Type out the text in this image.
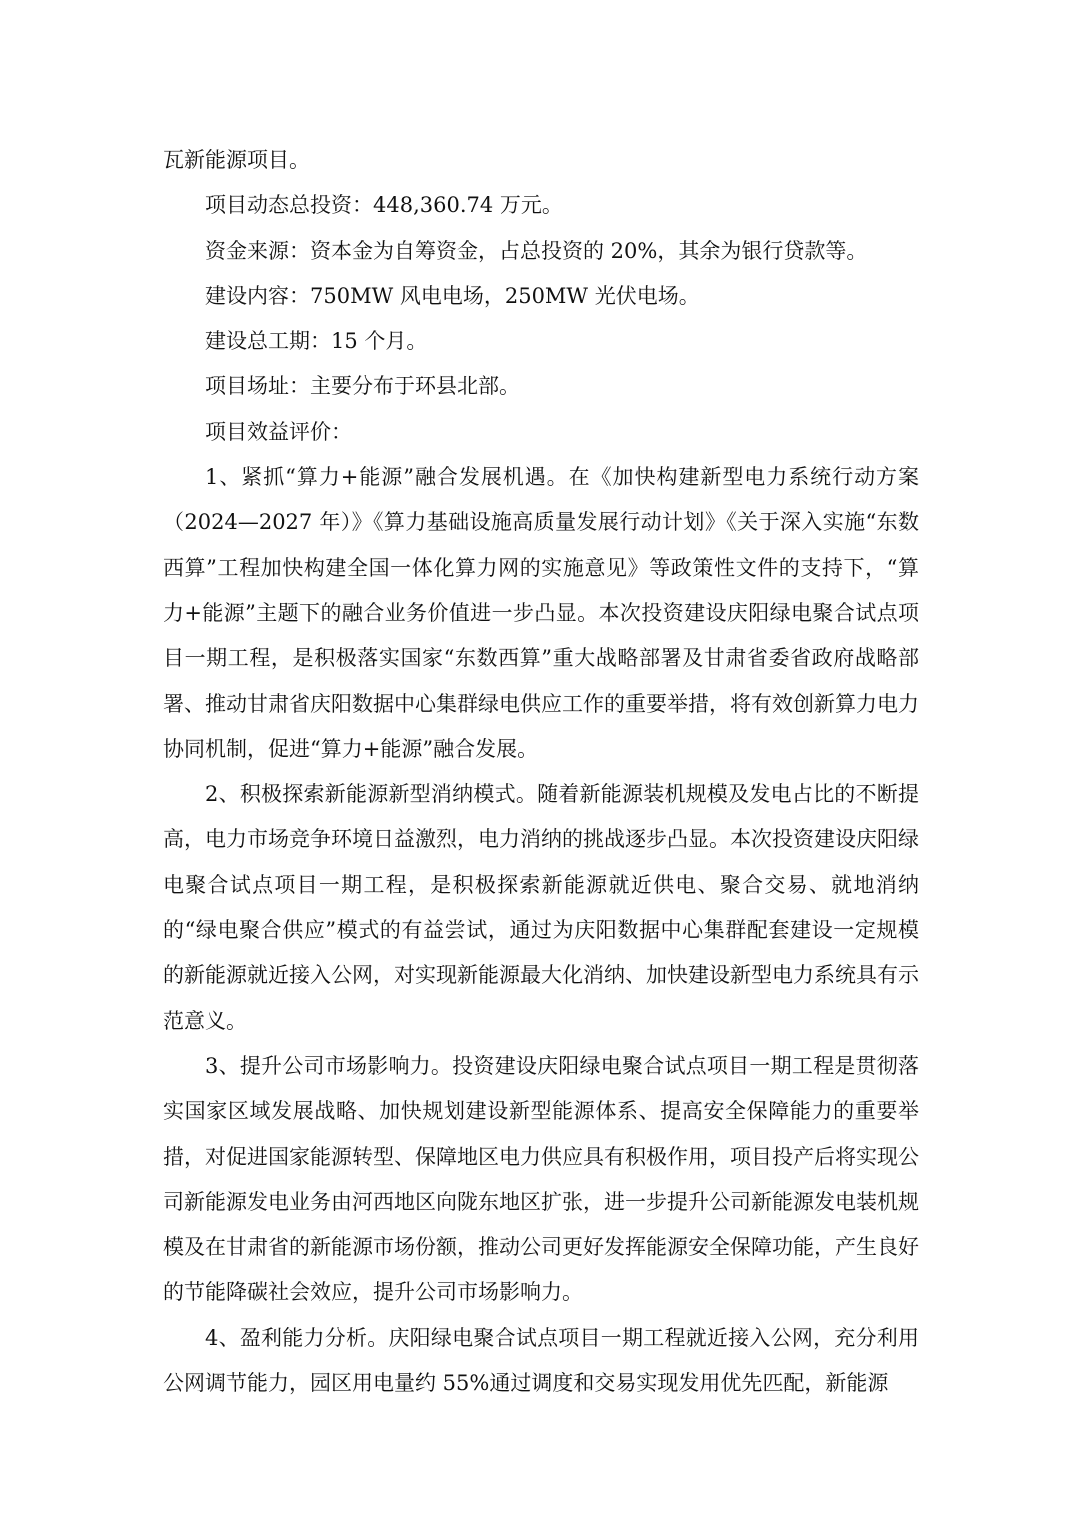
瓦新能源项目。

项目动态总投资：448,360.74 万元。

资金来源：资本金为自筹资金，占总投资的 20%，其余为银行贷款等。

建设内容：750MW 风电电场，250MW 光伏电场。

建设总工期：15 个月。

项目场址：主要分布于环县北部。

项目效益评价：

1、紧抓“算力+能源”融合发展机遇。在《加快构建新型电力系统行动方案（2024—2027 年）》《算力基础设施高质量发展行动计划》《关于深入实施“东数西算”工程加快构建全国一体化算力网的实施意见》等政策性文件的支持下，“算力+能源”主题下的融合业务价值进一步凸显。本次投资建设庆阳绿电聚合试点项目一期工程，是积极落实国家“东数西算”重大战略部署及甘肃省委省政府战略部署、推动甘肃省庆阳数据中心集群绿电供应工作的重要举措，将有效创新算力电力协同机制，促进“算力+能源”融合发展。

2、积极探索新能源新型消纳模式。随着新能源装机规模及发电占比的不断提高，电力市场竞争环境日益激烈，电力消纳的挑战逐步凸显。本次投资建设庆阳绿电聚合试点项目一期工程，是积极探索新能源就近供电、聚合交易、就地消纳的“绿电聚合供应”模式的有益尝试，通过为庆阳数据中心集群配套建设一定规模的新能源就近接入公网，对实现新能源最大化消纳、加快建设新型电力系统具有示范意义。

3、提升公司市场影响力。投资建设庆阳绿电聚合试点项目一期工程是贯彻落实国家区域发展战略、加快规划建设新型能源体系、提高安全保障能力的重要举措，对促进国家能源转型、保障地区电力供应具有积极作用，项目投产后将实现公司新能源发电业务由河西地区向陇东地区扩张，进一步提升公司新能源发电装机规模及在甘肃省的新能源市场份额，推动公司更好发挥能源安全保障功能，产生良好的节能降碳社会效应，提升公司市场影响力。

4、盈利能力分析。庆阳绿电聚合试点项目一期工程就近接入公网，充分利用公网调节能力，园区用电量约 55%通过调度和交易实现发用优先匹配，新能源
